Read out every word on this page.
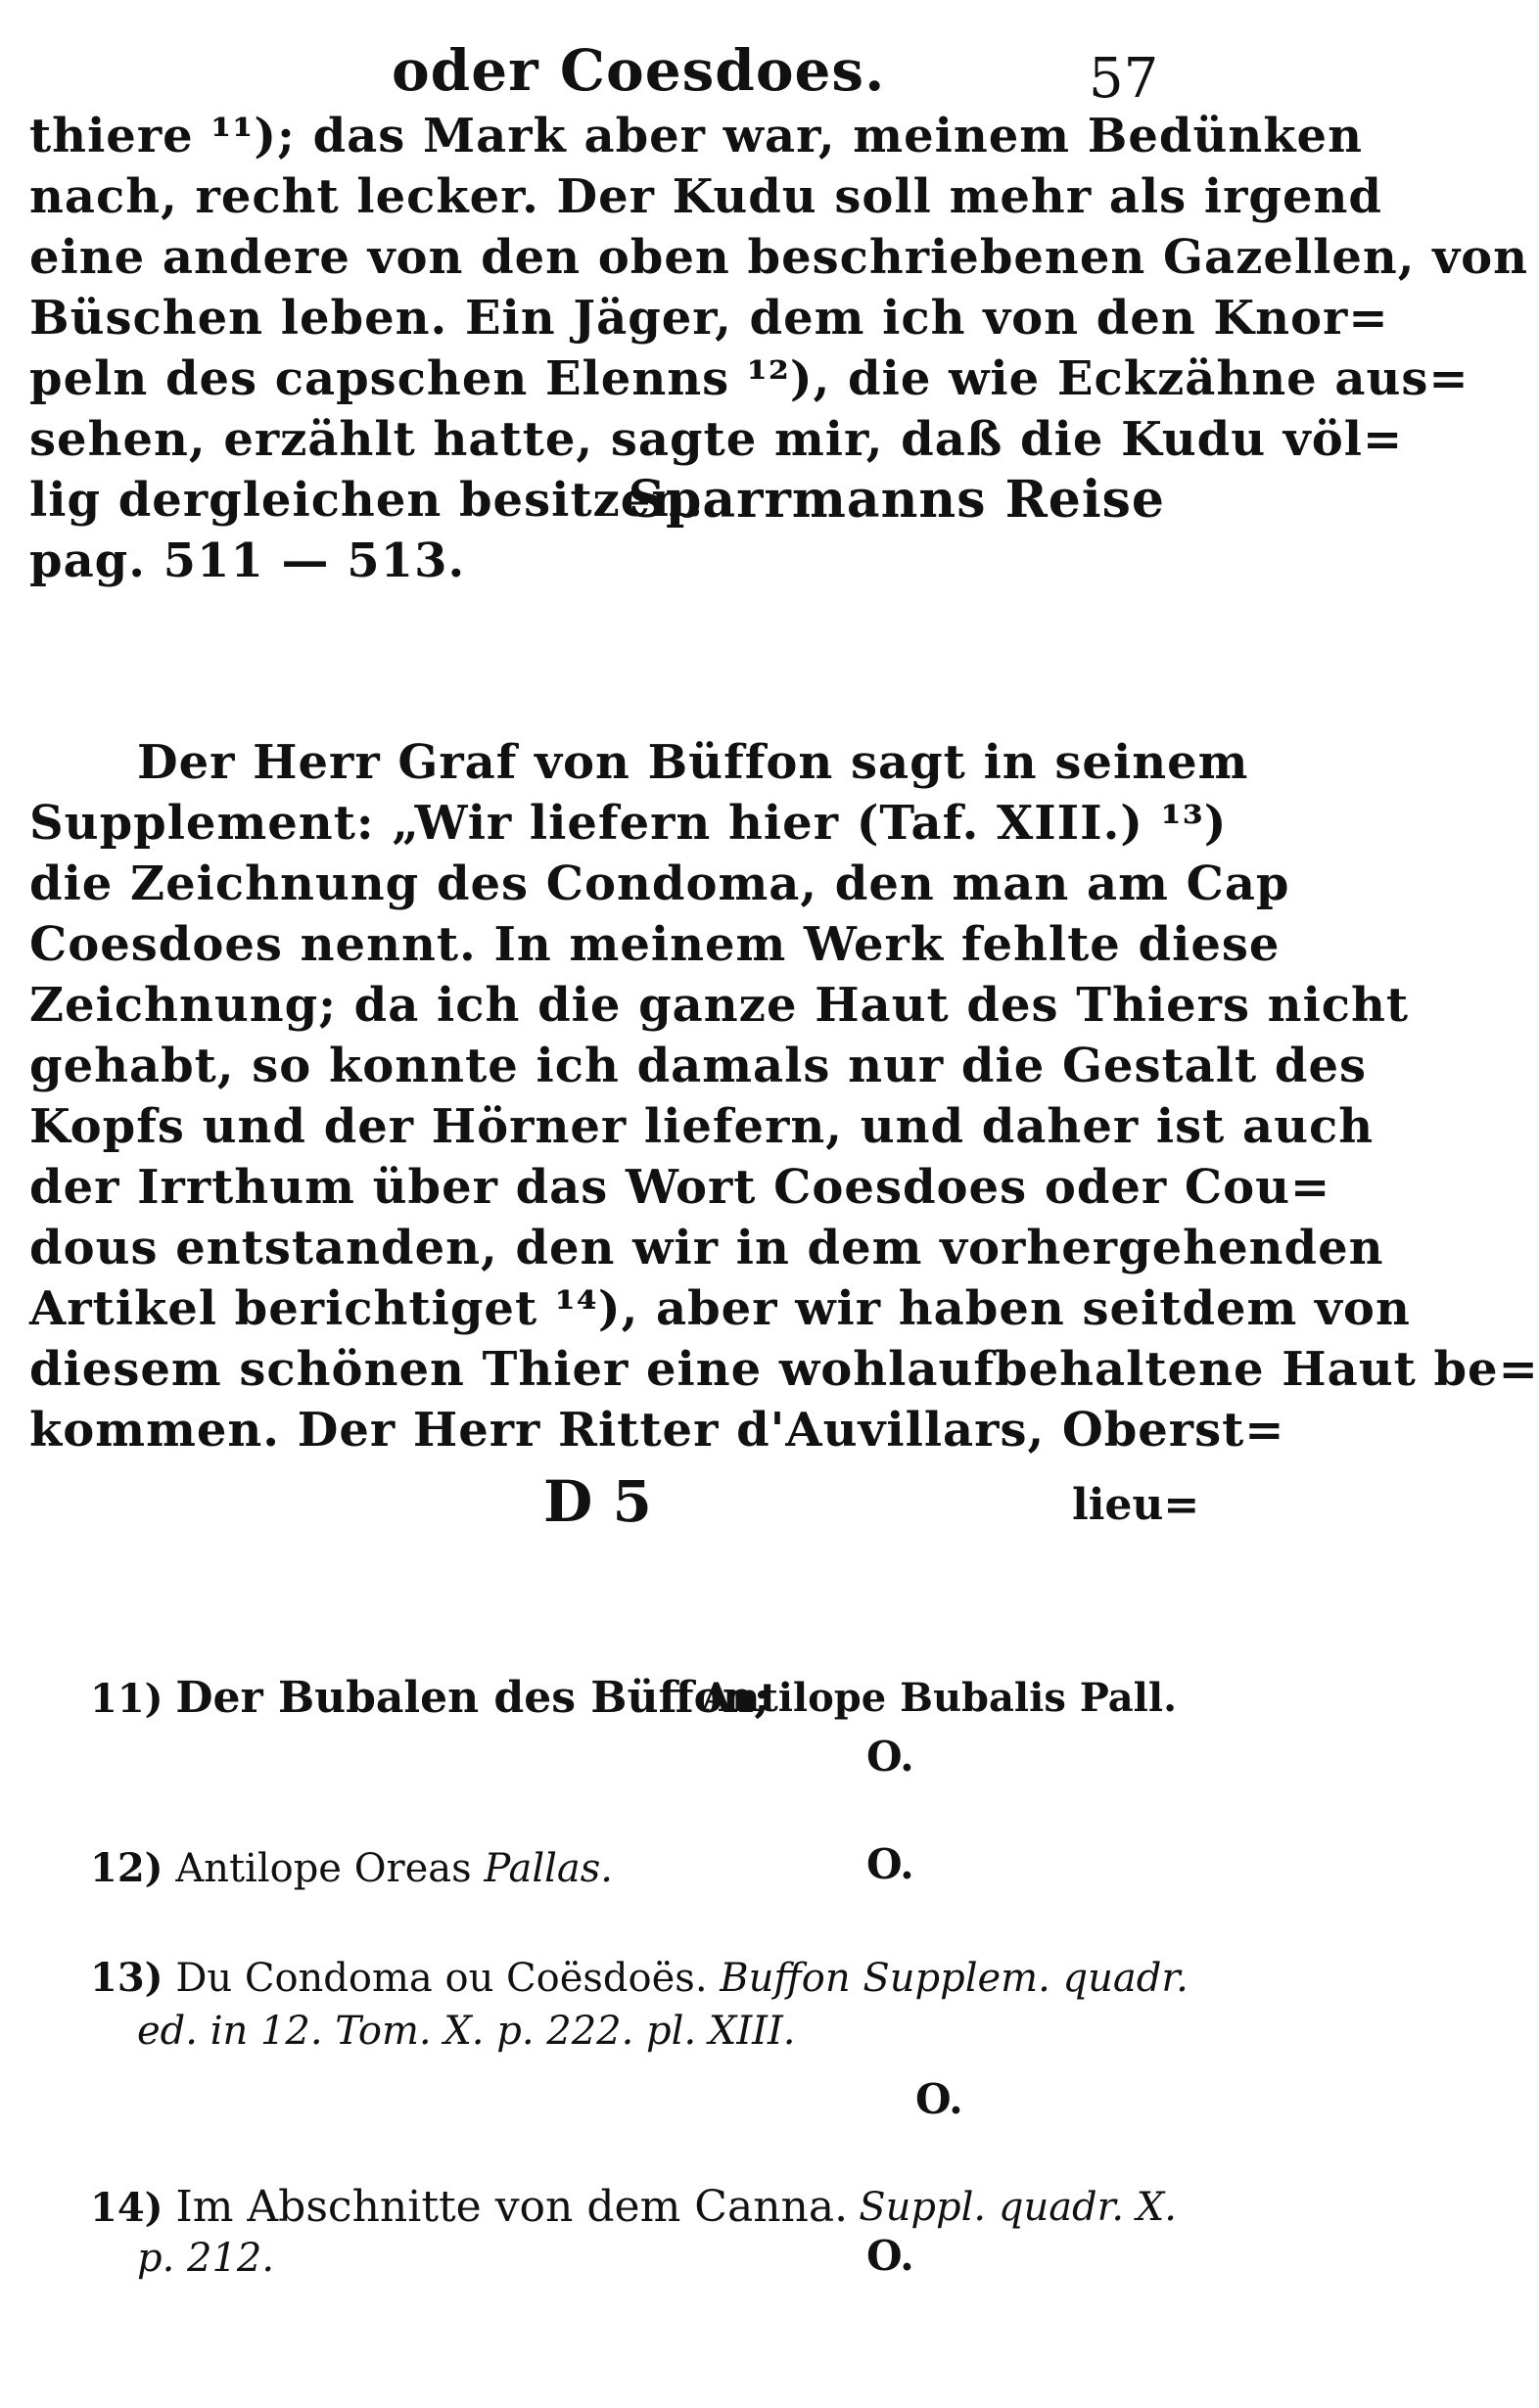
oder Coesdoes.	57
thiere ¹¹); das Mark aber war, meinem Bedünken
nach, recht lecker. Der Kudu soll mehr als irgend
eine andere von den oben beschriebenen Gazellen, von
Büschen leben. Ein Jäger, dem ich von den Knor=
peln des capschen Elenns ¹²), die wie Eckzähne aus=
sehen, erzählt hatte, sagte mir, daß die Kudu völ=
lig dergleichen besitzen.
Sparrmanns Reise
pag. 511 — 513.
Der Herr Graf von Büffon sagt in seinem
Supplement: „Wir liefern hier (Taf. XIII.) ¹³)
die Zeichnung des Condoma, den man am Cap
Coesdoes nennt. In meinem Werk fehlte diese
Zeichnung; da ich die ganze Haut des Thiers nicht
gehabt, so konnte ich damals nur die Gestalt des
Kopfs und der Hörner liefern, und daher ist auch
der Irrthum über das Wort Coesdoes oder Cou=
dous entstanden, den wir in dem vorhergehenden
Artikel berichtiget ¹⁴), aber wir haben seitdem von
diesem schönen Thier eine wohlaufbehaltene Haut be=
kommen. Der Herr Ritter d'Auvillars, Oberst=
D 5	lieu=
11) Der Bubalen des Büffon;
Antilope Bubalis Pall.
O.
12) Antilope Oreas Pallas.	O.
13) Du Condoma ou Coësdoës. Buffon Supplem. quadr.
ed. in 12. Tom. X. p. 222. pl. XIII.
O.
14) Im Abschnitte von dem Canna. Suppl. quadr. X.
p. 212.	O.
